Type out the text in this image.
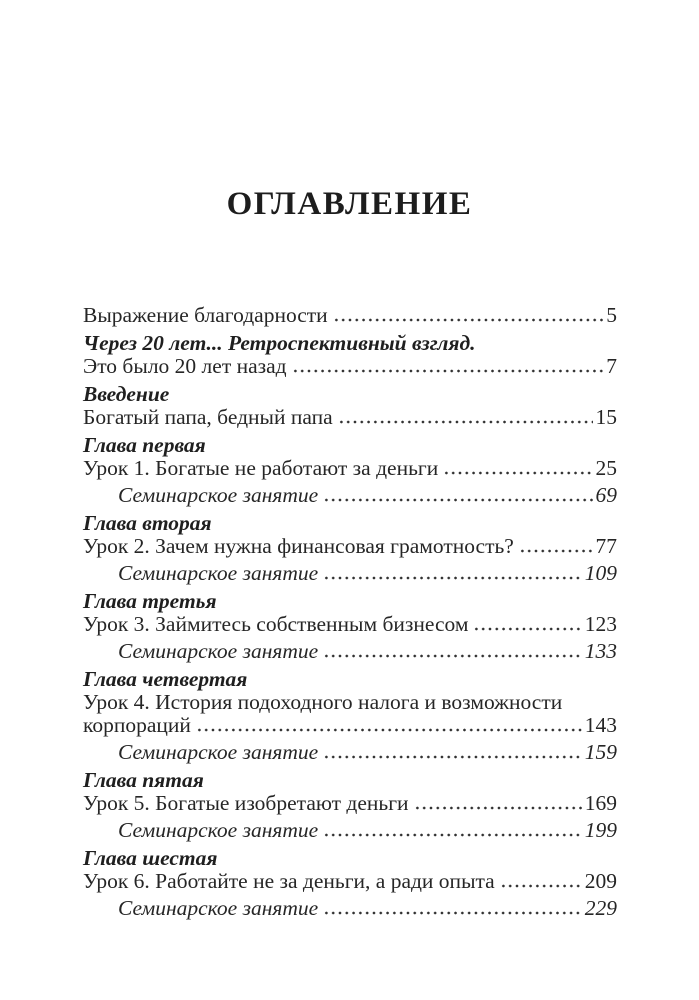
ОГЛАВЛЕНИЕ
Выражение благодарности	5
Через 20 лет... Ретроспективный взгляд.
Это было 20 лет назад	7
Введение
Богатый папа, бедный папа	15
Глава первая
Урок 1. Богатые не работают за деньги	25
Семинарское занятие	69
Глава вторая
Урок 2. Зачем нужна финансовая грамотность?	77
Семинарское занятие	109
Глава третья
Урок 3. Займитесь собственным бизнесом	123
Семинарское занятие	133
Глава четвертая
Урок 4. История подоходного налога и возможности
корпораций	143
Семинарское занятие	159
Глава пятая
Урок 5. Богатые изобретают деньги	169
Семинарское занятие	199
Глава шестая
Урок 6. Работайте не за деньги, а ради опыта	209
Семинарское занятие	229
